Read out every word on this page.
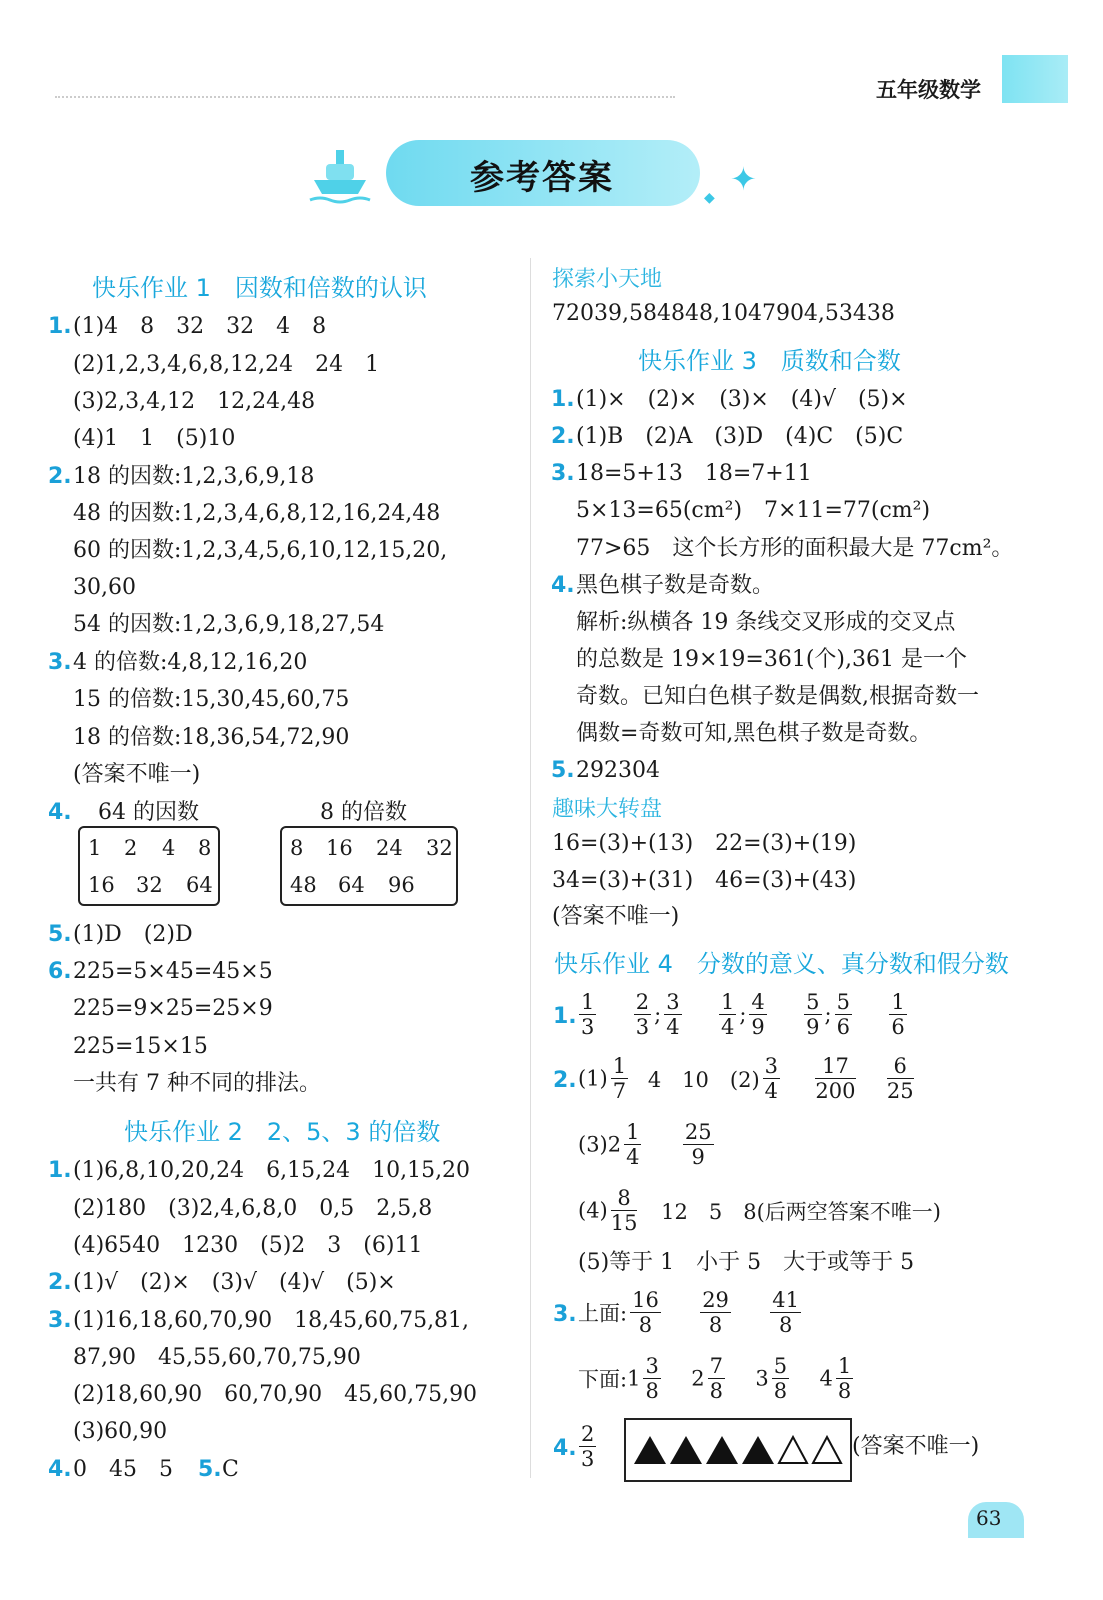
五年级数学
参考答案	✦
◆
快乐作业 1　因数和倍数的认识
1. (1)4　8　32　32　4　8
(2)1,2,3,4,6,8,12,24　24　1
(3)2,3,4,12　12,24,48
(4)1　1　(5)10
2. 18 的因数:1,2,3,6,9,18
48 的因数:1,2,3,4,6,8,12,16,24,48
60 的因数:1,2,3,4,5,6,10,12,15,20,
30,60
54 的因数:1,2,3,6,9,18,27,54
3. 4 的倍数:4,8,12,16,20
15 的倍数:15,30,45,60,75
18 的倍数:18,36,54,72,90
(答案不唯一)
4. 64 的因数	8 的倍数
1 2 4 8
16 32 64
8 16 24 32
48 64 96
5. (1)D　(2)D
6. 225=5×45=45×5
225=9×25=25×9
225=15×15
一共有 7 种不同的排法。
快乐作业 2　2、5、3 的倍数
1. (1)6,8,10,20,24　6,15,24　10,15,20
(2)180　(3)2,4,6,8,0　0,5　2,5,8
(4)6540　1230　(5)2　3　(6)11
2. (1)√　(2)×　(3)√　(4)√　(5)×
3. (1)16,18,60,70,90　18,45,60,75,81,
87,90　45,55,60,70,75,90
(2)18,60,90　60,70,90　45,60,75,90
(3)60,90
4. 0　45　5 5. C
探索小天地
72039,584848,1047904,53438
快乐作业 3　质数和合数
1. (1)×　(2)×　(3)×　(4)√　(5)×
2. (1)B　(2)A　(3)D　(4)C　(5)C
3. 18=5+13　18=7+11
5×13=65(cm²)　7×11=77(cm²)
77>65　这个长方形的面积最大是 77cm²。
4. 黑色棋子数是奇数。
解析:纵横各 19 条线交叉形成的交叉点
的总数是 19×19=361(个),361 是一个
奇数。已知白色棋子数是偶数,根据奇数一
偶数=奇数可知,黑色棋子数是奇数。
5. 292304
趣味大转盘
16=(3)+(13)　22=(3)+(19)
34=(3)+(31)　46=(3)+(43)
(答案不唯一)
快乐作业 4　分数的意义、真分数和假分数
1. $\frac{1}{3}$
$\frac{2}{3}$ ; $\frac{3}{4}$
$\frac{1}{4}$ ; $\frac{4}{9}$
$\frac{5}{9}$ ; $\frac{5}{6}$
$\frac{1}{6}$
2. $(1) \frac{1}{7} 4$　10　$(2) \frac{3}{4}$
$\frac{17}{200}$
$\frac{6}{25}$
$(3)2 \frac{1}{4}$
$\frac{25}{9}$
$(4) \frac{8}{15} 12$　5　8(后两空答案不唯一)
(5)等于 1　小于 5　大于或等于 5
3. 上面: $\frac{16}{8}$
$\frac{29}{8}$
$\frac{41}{8}$
下面:1 $\frac{3}{8} 2 \frac{7}{8} 3 \frac{5}{8} 4 \frac{1}{8}$
4. $\frac{2}{3}$	(答案不唯一)
63
